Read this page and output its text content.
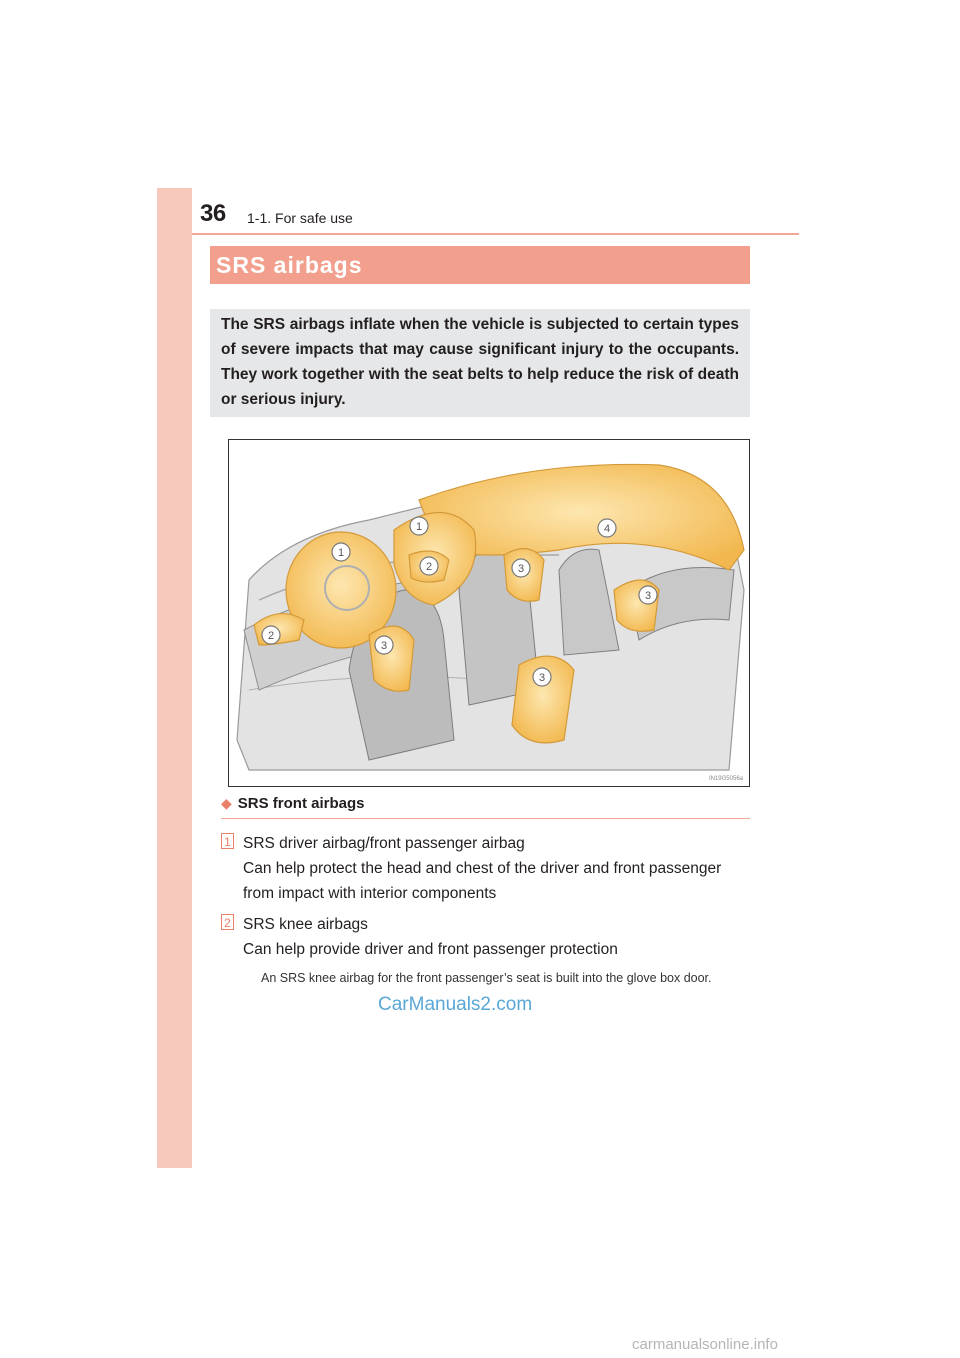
36 1-1. For safe use
SRS airbags
The SRS airbags inflate when the vehicle is subjected to certain types of severe impacts that may cause significant injury to the occupants. They work together with the seat belts to help reduce the risk of death or serious injury.
1
1
2
2
3
3
3
3
4
IN19G5056a
◆ SRS front airbags
1 SRS driver airbag/front passenger airbag
Can help protect the head and chest of the driver and front passenger from impact with interior components
2 SRS knee airbags
Can help provide driver and front passenger protection
An SRS knee airbag for the front passenger’s seat is built into the glove box door.
CarManuals2.com
carmanualsonline.info
